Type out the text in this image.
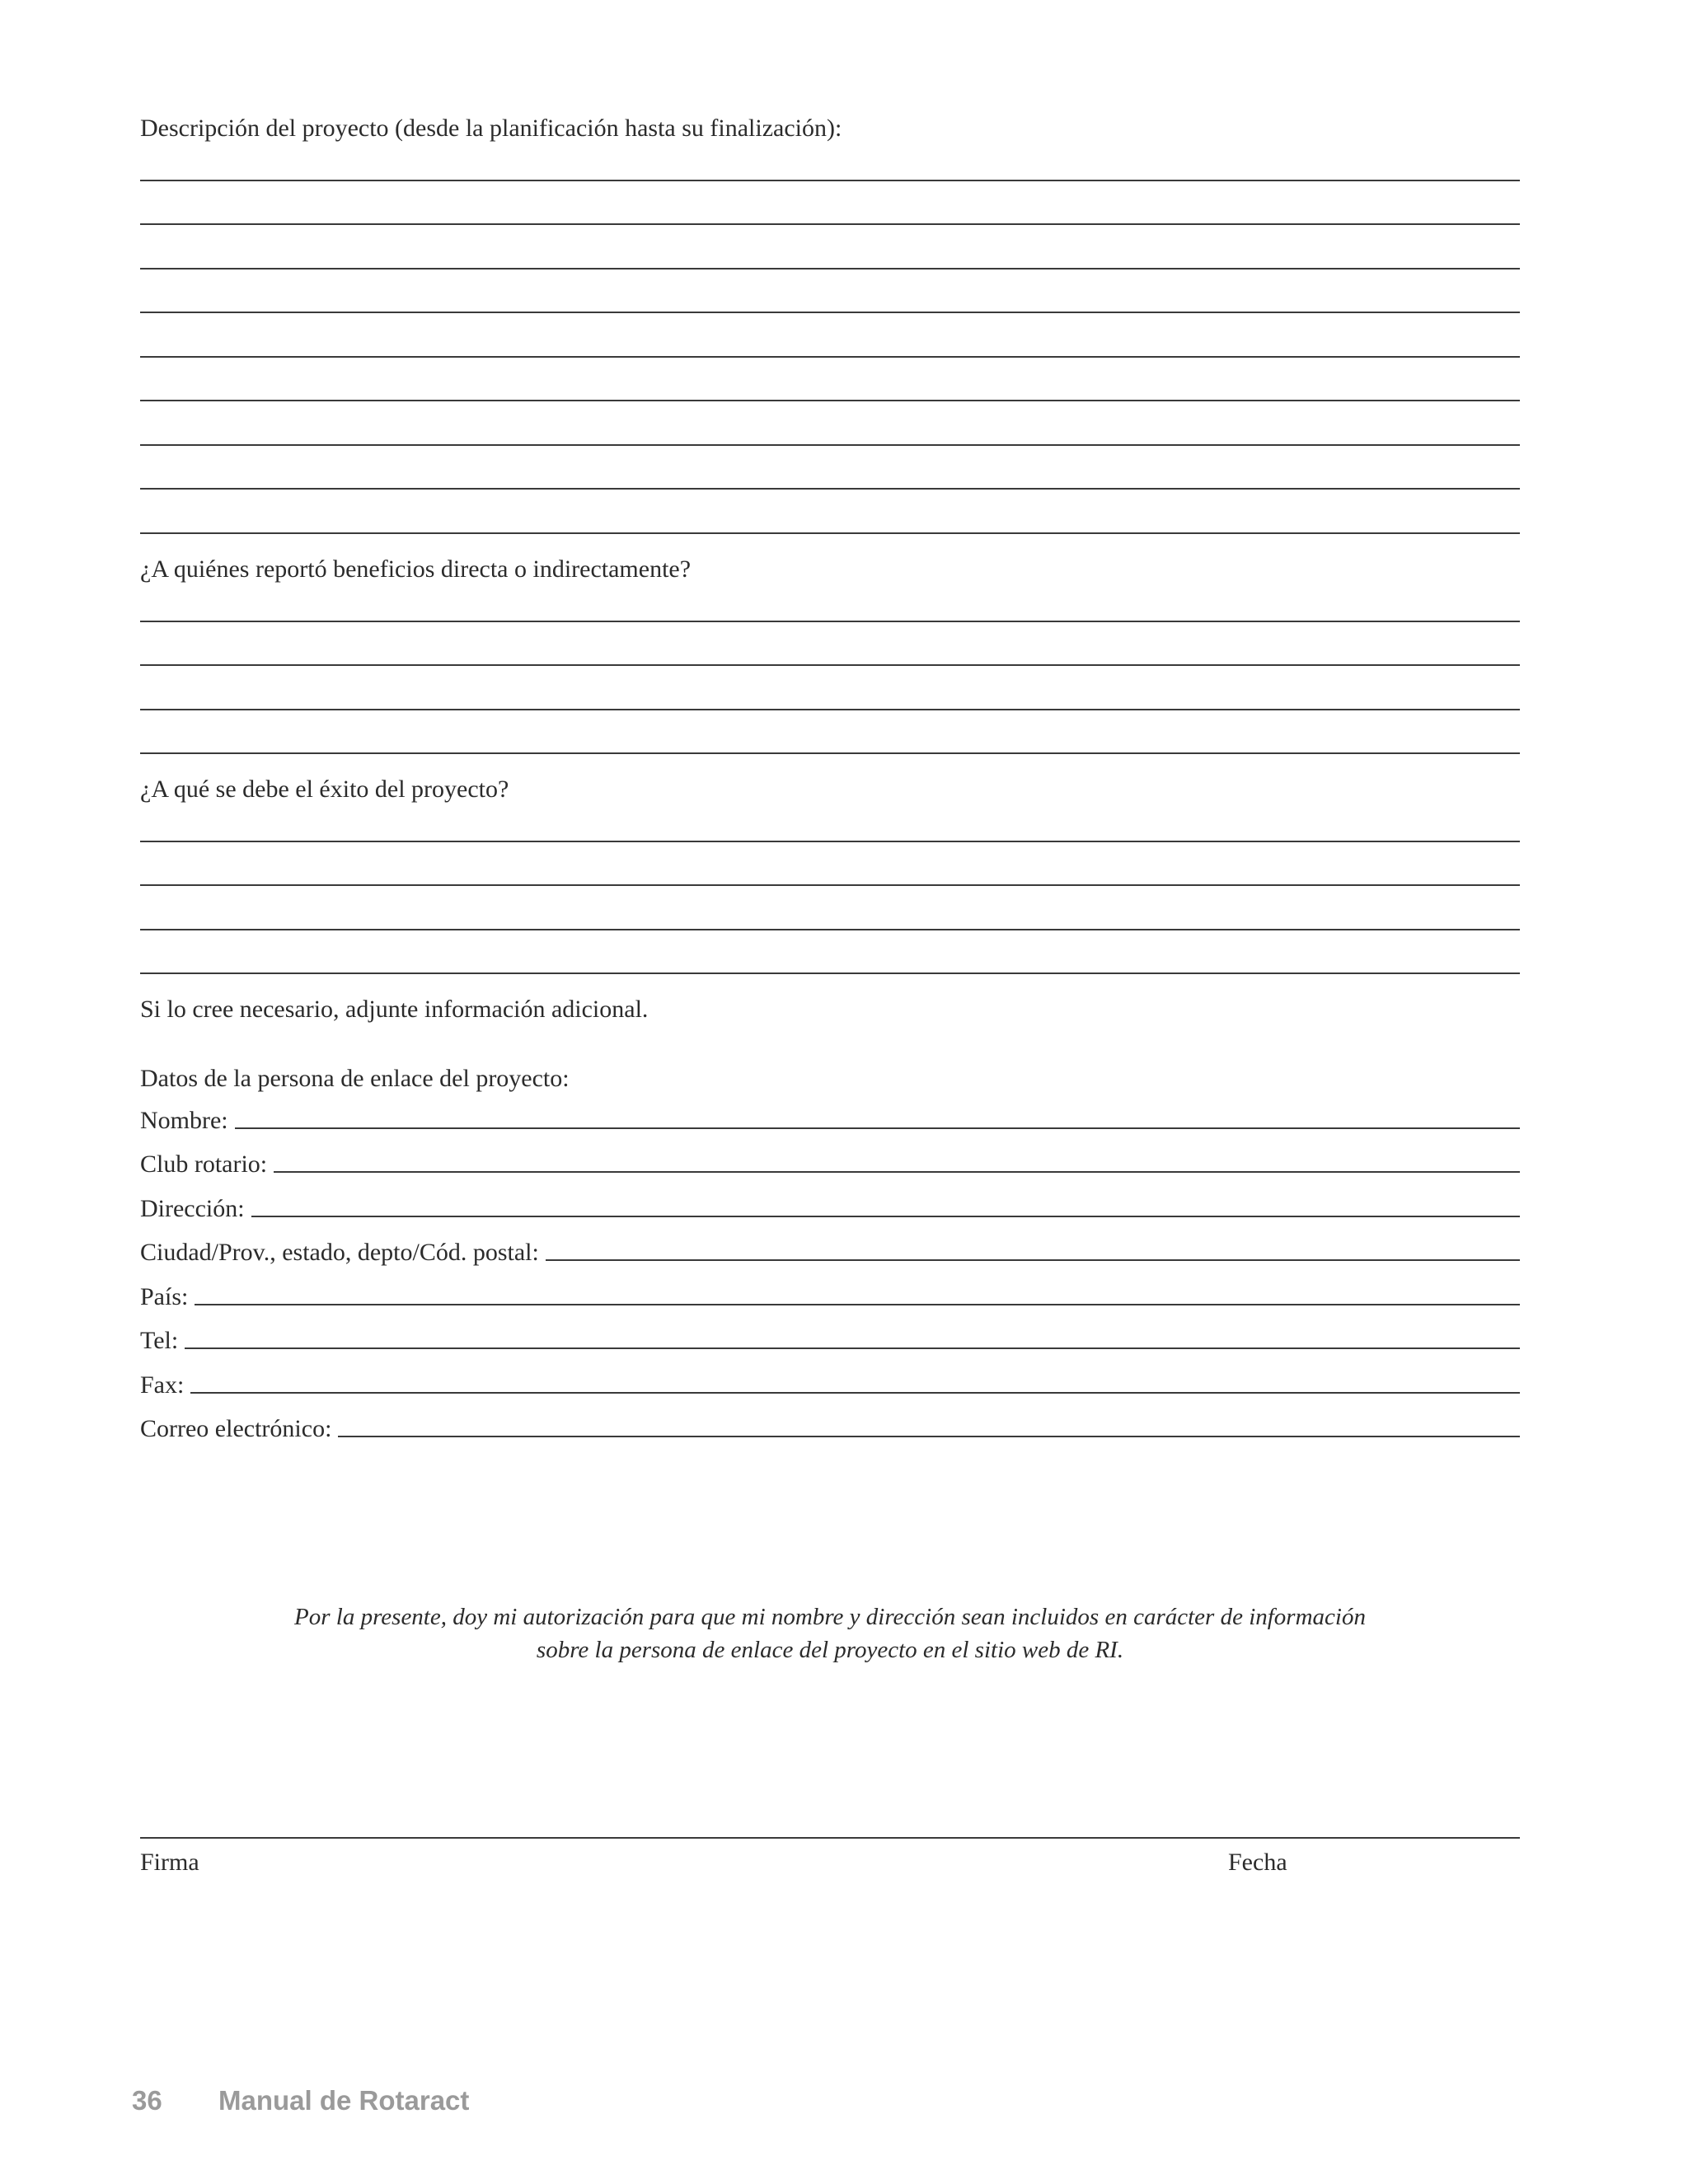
Descripción del proyecto (desde la planificación hasta su finalización):
¿A quiénes reportó beneficios directa o indirectamente?
¿A qué se debe el éxito del proyecto?
Si lo cree necesario, adjunte información adicional.
Datos de la persona de enlace del proyecto:
Nombre:
Club rotario:
Dirección:
Ciudad/Prov., estado, depto/Cód. postal:
País:
Tel:
Fax:
Correo electrónico:
Por la presente, doy mi autorización para que mi nombre y dirección sean incluidos en carácter de información
sobre la persona de enlace del proyecto en el sitio web de RI.
Firma	Fecha
36	Manual de Rotaract
